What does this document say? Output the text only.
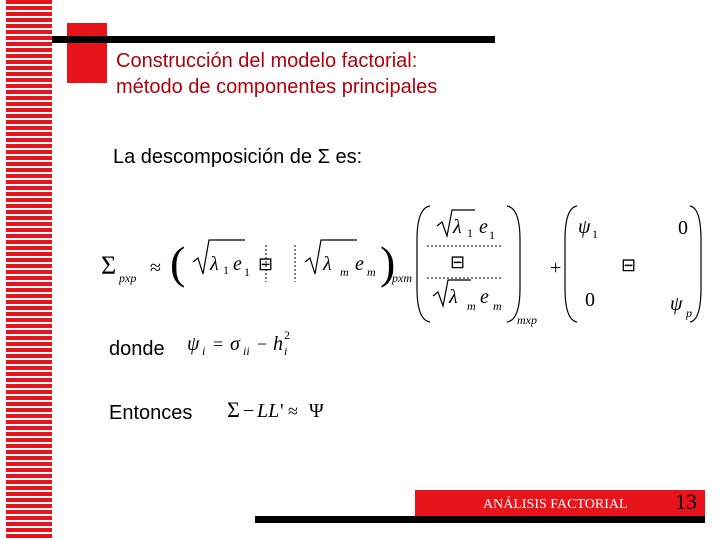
Construcción del modelo factorial:
método de componentes principales
La descomposición de Σ es:
Σ pxp ≈ ( λ 1 e 1 ⊟ λ m e m )
pxm
λ 1 e 1
⊟
λ m e m
mxp
+
ψ 1	0
⊟
0	ψ p
donde ψ i = σ ii − h 2
i
Entonces Σ − LL ' ≈ Ψ
ANÁLISIS FACTORIAL 13
